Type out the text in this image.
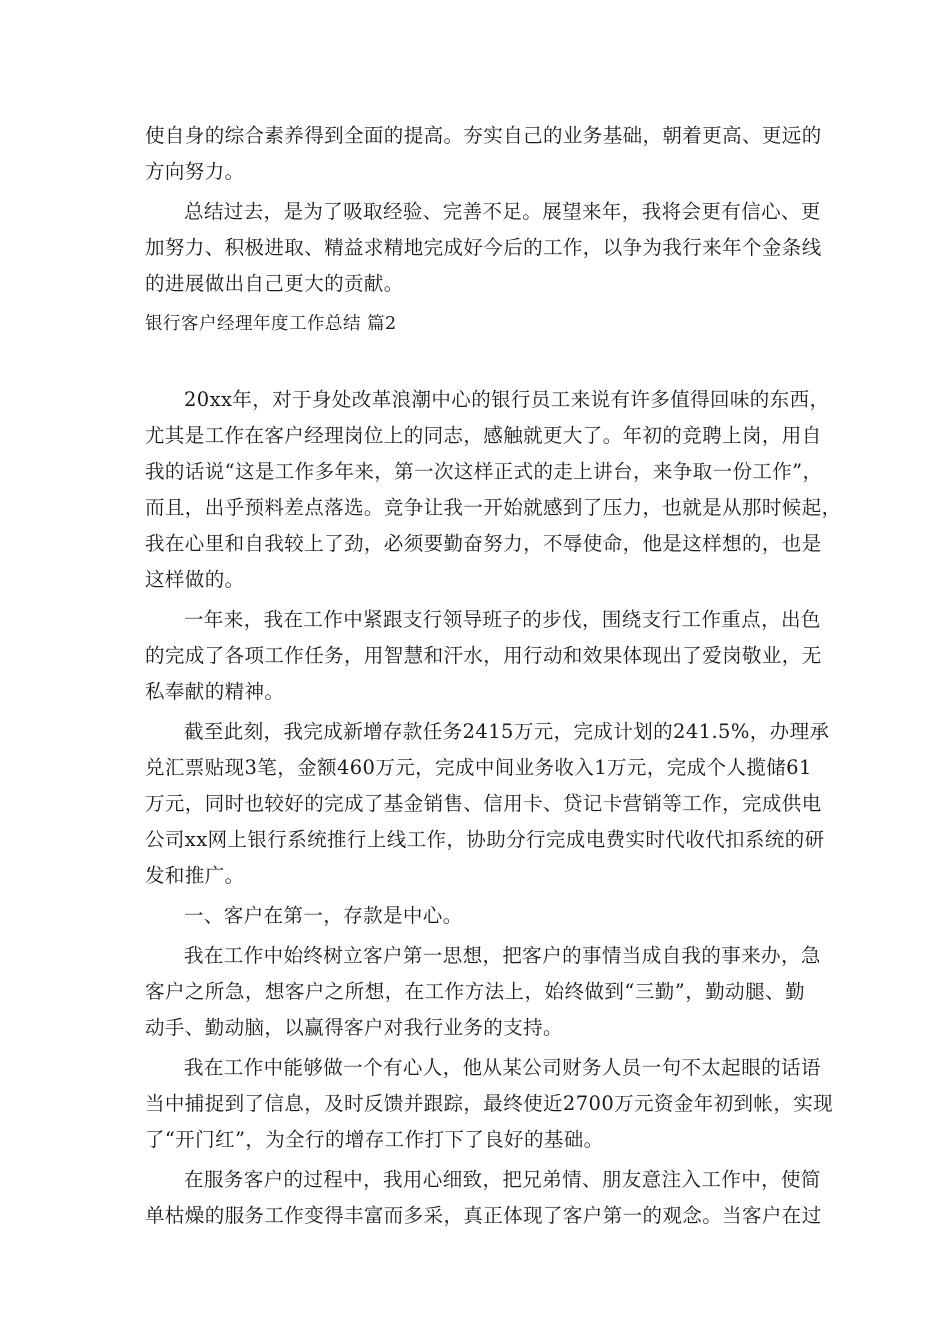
使自身的综合素养得到全面的提高。夯实自己的业务基础，朝着更高、更远的
方向努力。
总结过去，是为了吸取经验、完善不足。展望来年，我将会更有信心、更
加努力、积极进取、精益求精地完成好今后的工作，以争为我行来年个金条线
的进展做出自己更大的贡献。
银行客户经理年度工作总结 篇2
20xx年，对于身处改革浪潮中心的银行员工来说有许多值得回味的东西，
尤其是工作在客户经理岗位上的同志，感触就更大了。年初的竞聘上岗，用自
我的话说“这是工作多年来，第一次这样正式的走上讲台，来争取一份工作”，
而且，出乎预料差点落选。竞争让我一开始就感到了压力，也就是从那时候起，
我在心里和自我较上了劲，必须要勤奋努力，不辱使命，他是这样想的，也是
这样做的。
一年来，我在工作中紧跟支行领导班子的步伐，围绕支行工作重点，出色
的完成了各项工作任务，用智慧和汗水，用行动和效果体现出了爱岗敬业，无
私奉献的精神。
截至此刻，我完成新增存款任务2415万元，完成计划的241.5%，办理承
兑汇票贴现3笔，金额460万元，完成中间业务收入1万元，完成个人揽储61
万元，同时也较好的完成了基金销售、信用卡、贷记卡营销等工作，完成供电
公司xx网上银行系统推行上线工作，协助分行完成电费实时代收代扣系统的研
发和推广。
一、客户在第一，存款是中心。
我在工作中始终树立客户第一思想，把客户的事情当成自我的事来办，急
客户之所急，想客户之所想，在工作方法上，始终做到“三勤”，勤动腿、勤
动手、勤动脑，以赢得客户对我行业务的支持。
我在工作中能够做一个有心人，他从某公司财务人员一句不太起眼的话语
当中捕捉到了信息，及时反馈并跟踪，最终使近2700万元资金年初到帐，实现
了“开门红”，为全行的增存工作打下了良好的基础。
在服务客户的过程中，我用心细致，把兄弟情、朋友意注入工作中，使简
单枯燥的服务工作变得丰富而多采，真正体现了客户第一的观念。当客户在过
